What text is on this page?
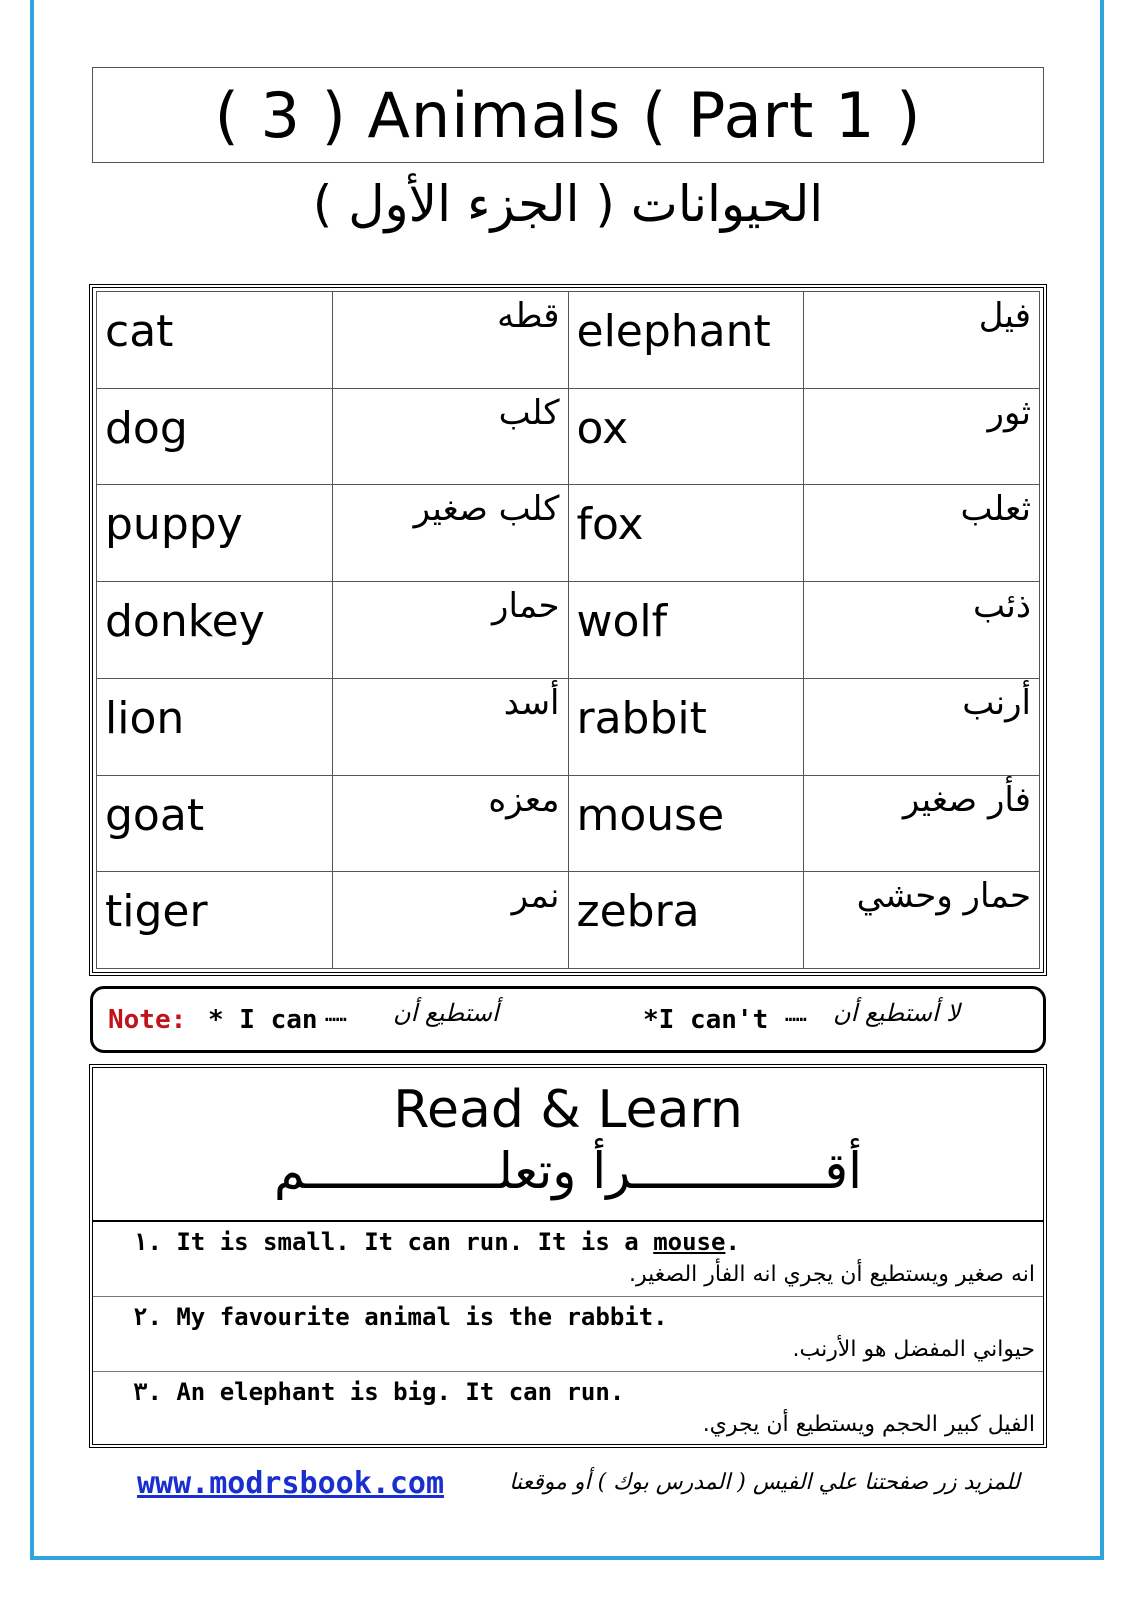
( 3 ) Animals ( Part 1 )
الحيوانات ( الجزء الأول )
cat	قطه	elephant	فيل
dog	كلب	ox	ثور
puppy	كلب صغير	fox	ثعلب
donkey	حمار	wolf	ذئب
lion	أسد	rabbit	أرنب
goat	معزه	mouse	فأر صغير
tiger	نمر	zebra	حمار وحشي
Note: * I can …… أستطيع أن	*I can't …… لا أستطيع أن
Read & Learn
أقـــــــــــــرأ وتعلـــــــــــــم
١. It is small. It can run. It is a mouse.
انه صغير ويستطيع أن يجري انه الفأر الصغير.
٢. My favourite animal is the rabbit.
حيواني المفضل هو الأرنب.
٣. An elephant is big. It can run.
الفيل كبير الحجم ويستطيع أن يجري.
www.modrsbook.com	للمزيد زر صفحتنا علي الفيس ( المدرس بوك ) أو موقعنا
